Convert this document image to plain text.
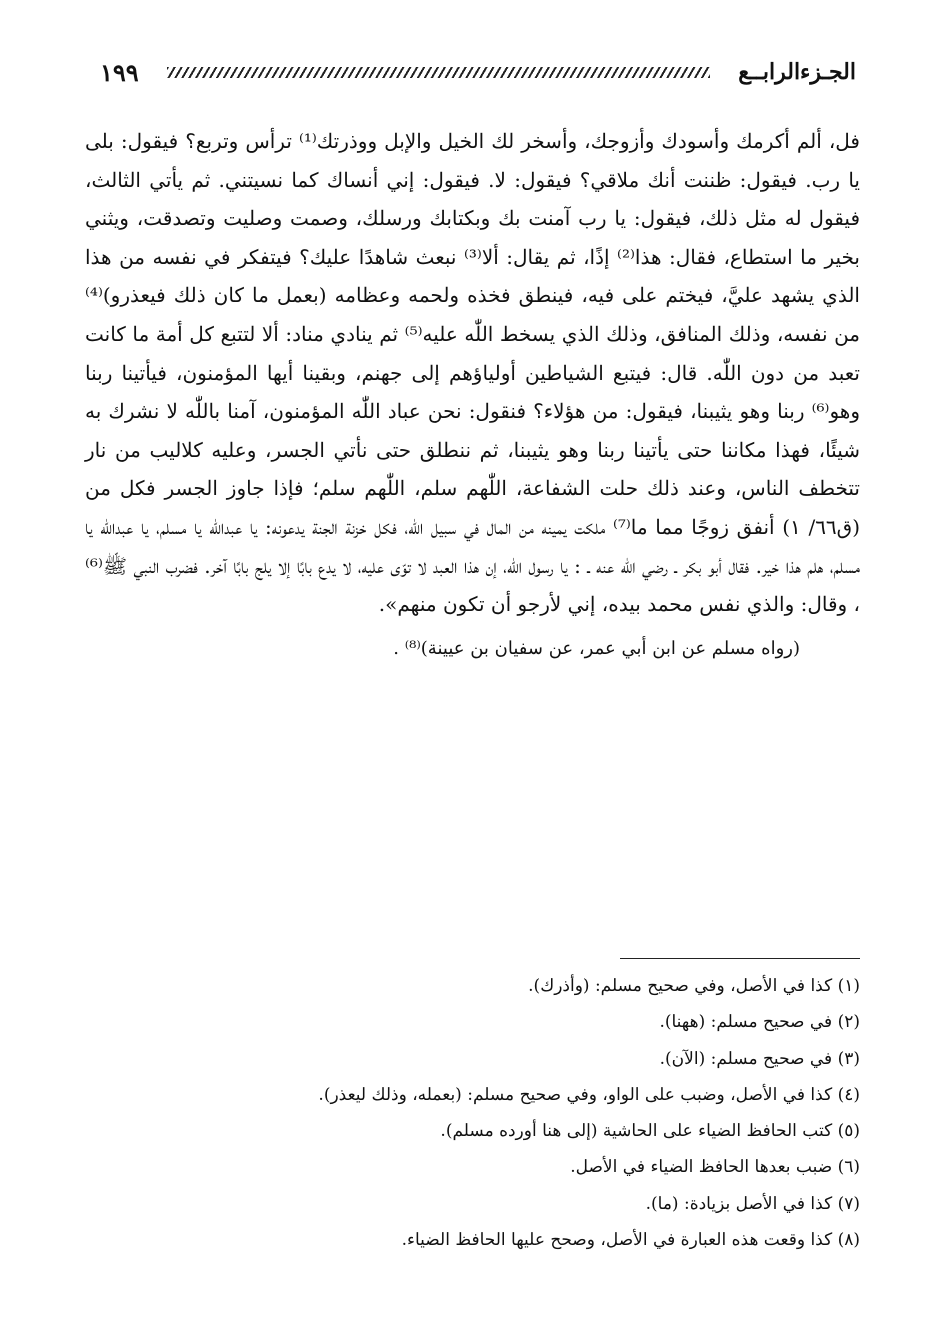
الجـزءالرابــع
١٩٩

فل، ألم أكرمك وأسودك وأزوجك، وأسخر لك الخيل والإبل ووذرتك⁽¹⁾ ترأس وتربع؟ فيقول: بلى يا رب. فيقول: ظننت أنك ملاقي؟ فيقول: لا. فيقول: إني أنساك كما نسيتني. ثم يأتي الثالث، فيقول له مثل ذلك، فيقول: يا رب آمنت بك وبكتابك ورسلك، وصمت وصليت وتصدقت، ويثني بخير ما استطاع، فقال: هذا⁽²⁾ إذًا، ثم يقال: ألا⁽³⁾ نبعث شاهدًا عليك؟ فيتفكر في نفسه من هذا الذي يشهد عليَّ، فيختم على فيه، فينطق فخذه ولحمه وعظامه (بعمل ما كان ذلك فيعذرو)⁽⁴⁾ من نفسه، وذلك المنافق، وذلك الذي يسخط اللّٰه عليه⁽⁵⁾ ثم ينادي مناد: ألا لتتبع كل أمة ما كانت تعبد من دون اللّٰه. قال: فيتبع الشياطين أولياؤهم إلى جهنم، وبقينا أيها المؤمنون، فيأتينا ربنا وهو⁽⁶⁾ ربنا وهو يثيبنا، فيقول: من هؤلاء؟ فنقول: نحن عباد اللّٰه المؤمنون، آمنا باللّٰه لا نشرك به شيئًا، فهذا مكاننا حتى يأتينا ربنا وهو يثيبنا، ثم ننطلق حتى نأتي الجسر، وعليه كلاليب من نار تتخطف الناس، وعند ذلك حلت الشفاعة، اللّٰهم سلم، اللّٰهم سلم؛ فإذا جاوز الجسر فكل من (ق٦٦/ ١) أنفق زوجًا مما ما⁽⁷⁾ ملكت يمينه من المال في سبيل اللّٰه، فكل خزنة الجنة يدعونه: يا عبداللّٰه يا مسلم، يا عبداللّٰه يا مسلم، هلم هذا خير. فقال أبو بكر ـ رضي اللّٰه عنه ـ : يا رسول اللّٰه، إن هذا العبد لا توّى عليه، لا يدع بابًا إلا يلج بابًا آخر. فضرب النبي ﷺ⁽⁶⁾ ، وقال: والذي نفس محمد بيده، إني لأرجو أن تكون منهم».

(رواه مسلم عن ابن أبي عمر، عن سفيان بن عيينة)⁽⁸⁾ .

(١) كذا في الأصل، وفي صحيح مسلم: (وأذرك).
(٢) في صحيح مسلم: (ههنا).
(٣) في صحيح مسلم: (الآن).
(٤) كذا في الأصل، وضبب على الواو، وفي صحيح مسلم: (بعمله، وذلك ليعذر).
(٥) كتب الحافظ الضياء على الحاشية (إلى هنا أورده مسلم).
(٦) ضبب بعدها الحافظ الضياء في الأصل.
(٧) كذا في الأصل بزيادة: (ما).
(٨) كذا وقعت هذه العبارة في الأصل، وصحح عليها الحافظ الضياء.
